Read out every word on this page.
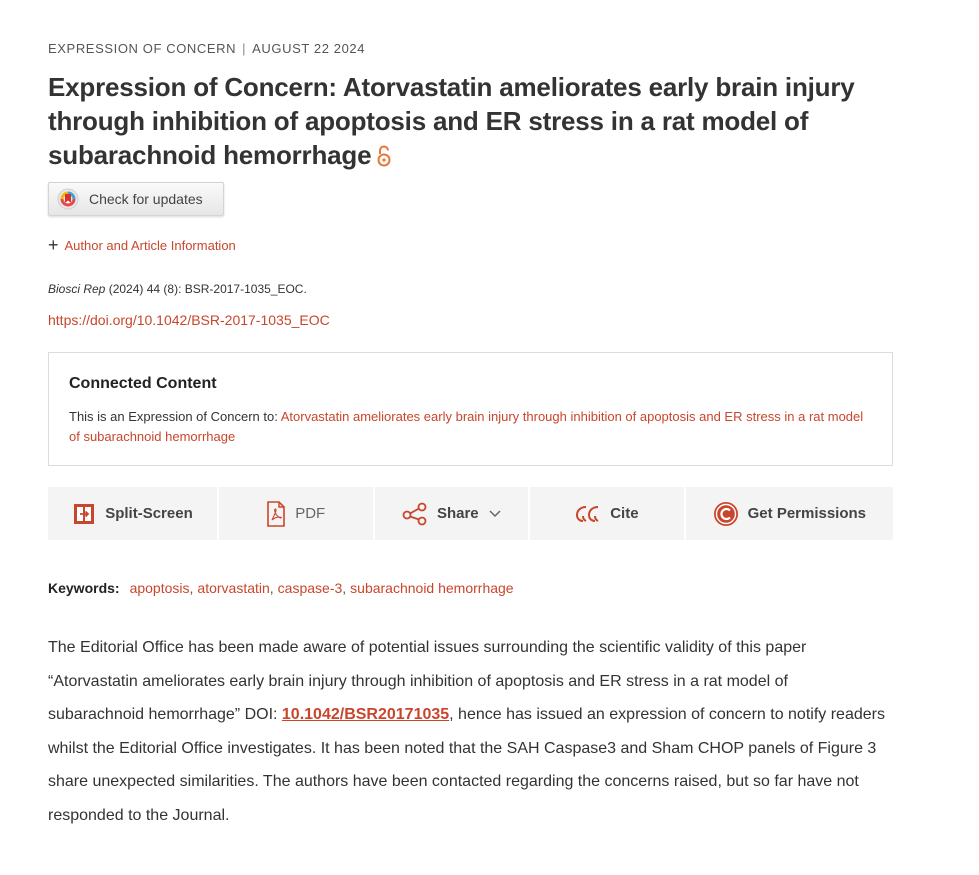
EXPRESSION OF CONCERN | AUGUST 22 2024
Expression of Concern: Atorvastatin ameliorates early brain injury through inhibition of apoptosis and ER stress in a rat model of subarachnoid hemorrhage
Check for updates
+ Author and Article Information
Biosci Rep (2024) 44 (8): BSR-2017-1035_EOC.
https://doi.org/10.1042/BSR-2017-1035_EOC
Connected Content

This is an Expression of Concern to: Atorvastatin ameliorates early brain injury through inhibition of apoptosis and ER stress in a rat model of subarachnoid hemorrhage

Split-Screen	PDF	Share	Cite	Get Permissions
Keywords: apoptosis, atorvastatin, caspase-3, subarachnoid hemorrhage

The Editorial Office has been made aware of potential issues surrounding the scientific validity of this paper “Atorvastatin ameliorates early brain injury through inhibition of apoptosis and ER stress in a rat model of subarachnoid hemorrhage” DOI: 10.1042/BSR20171035, hence has issued an expression of concern to notify readers whilst the Editorial Office investigates. It has been noted that the SAH Caspase3 and Sham CHOP panels of Figure 3 share unexpected similarities. The authors have been contacted regarding the concerns raised, but so far have not responded to the Journal.
